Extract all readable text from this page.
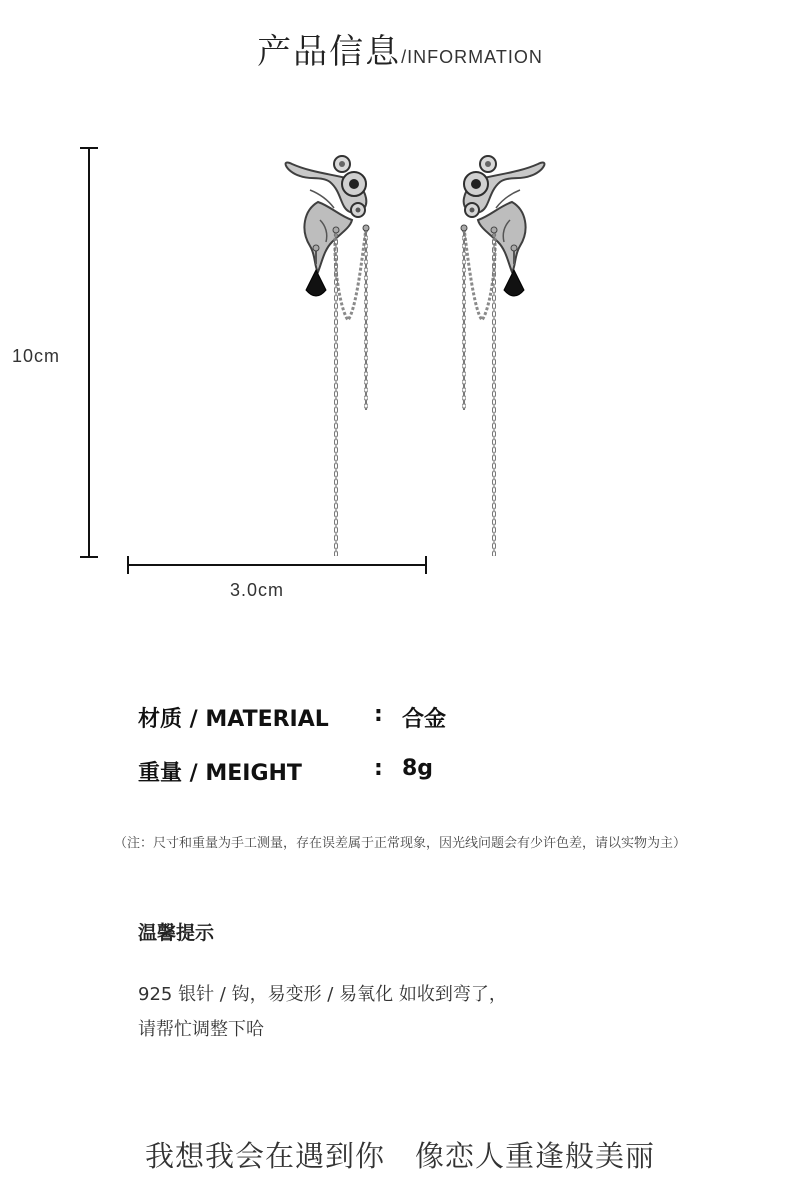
产品信息/INFORMATION
10cm
3.0cm
材质 / MATERIAL : 合金
重量 / MEIGHT	: 8g
（注：尺寸和重量为手工测量，存在误差属于正常现象，因光线问题会有少许色差，请以实物为主）
温馨提示
925 银针 / 钩，易变形 / 易氧化 如收到弯了，
请帮忙调整下哈
我想我会在遇到你　像恋人重逢般美丽
